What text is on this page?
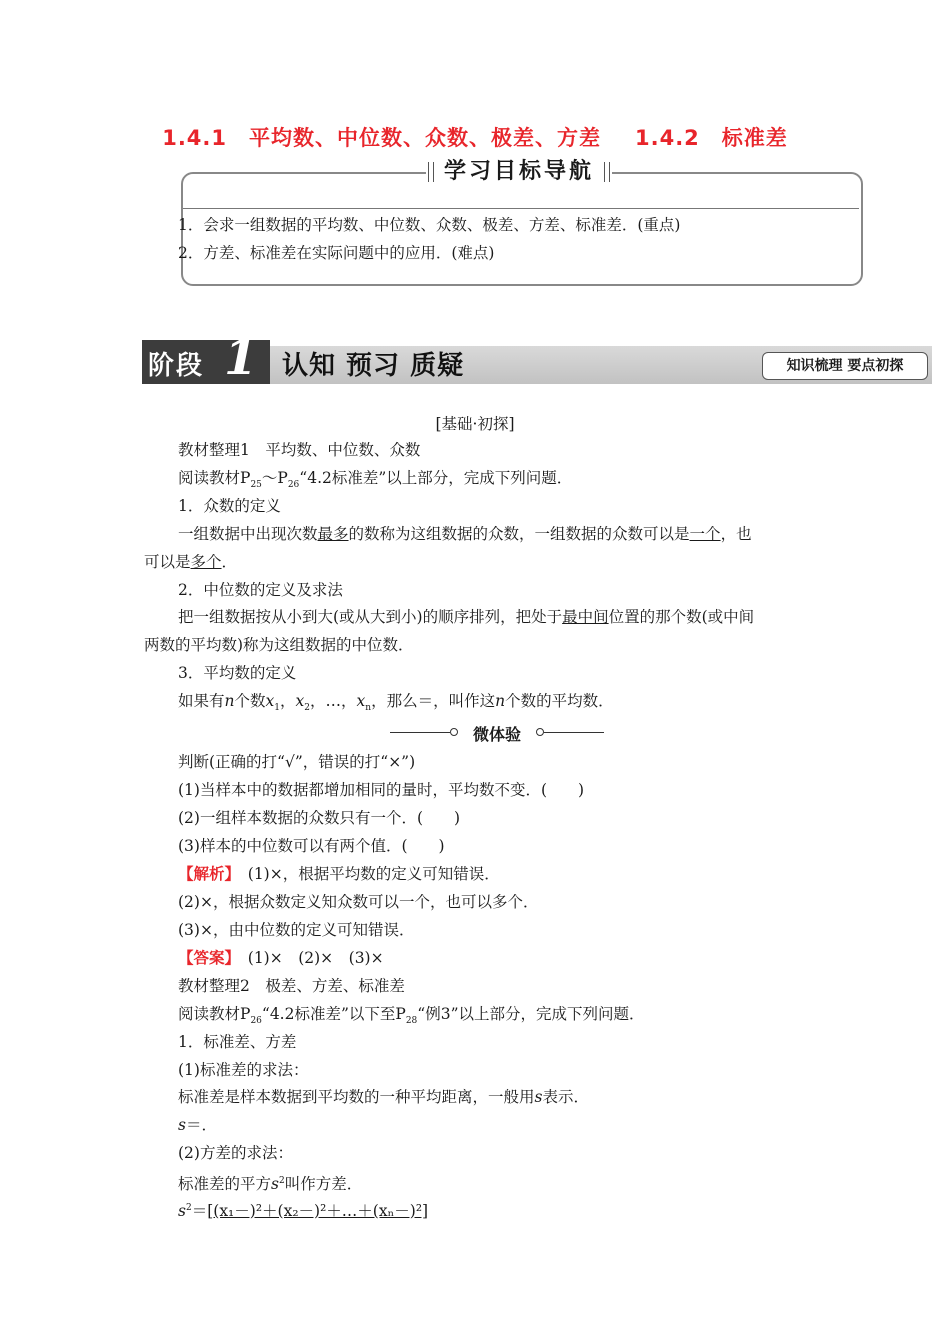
1.4.1　平均数、中位数、众数、极差、方差 1.4.2　标准差
学习目标导航
1．会求一组数据的平均数、中位数、众数、极差、方差、标准差．(重点)
2．方差、标准差在实际问题中的应用．(难点)
阶段 1 认知 预习 质疑	知识梳理 要点初探
[基础·初探]
教材整理1　平均数、中位数、众数
阅读教材$P_{25}\sim P_{26}“4.2$标准差”以上部分，完成下列问题．
1．众数的定义
一组数据中出现次数最多的数称为这组数据的众数，一组数据的众数可以是一个，也
可以是多个．
2．中位数的定义及求法
把一组数据按从小到大(或从大到小)的顺序排列，把处于最中间位置的那个数(或中间
两数的平均数)称为这组数据的中位数．
3．平均数的定义
如果有n个数$x_1$，$x_2$，…，$x_n$，那么＝，叫作这n个数的平均数．
微体验
判断(正确的打“√”，错误的打“×”)
(1)当样本中的数据都增加相同的量时，平均数不变．(　　)
(2)一组样本数据的众数只有一个．(　　)
(3)样本的中位数可以有两个值．(　　)
【解析】　(1)×，根据平均数的定义可知错误．
(2)×，根据众数定义知众数可以一个，也可以多个．
(3)×，由中位数的定义可知错误．
【答案】　(1)×　(2)×　(3)×
教材整理2　极差、方差、标准差
阅读教材$P_{26}“4.2$标准差”以下至$P_{28}“$例3”以上部分，完成下列问题．
1．标准差、方差
(1)标准差的求法：
标准差是样本数据到平均数的一种平均距离，一般用s表示．
s＝．
(2)方差的求法：
标准差的平方$s^2$叫作方差．
$s^2=[(x_1-)^2+(x_2-)^2+\dots+(x_n-)^2]$
